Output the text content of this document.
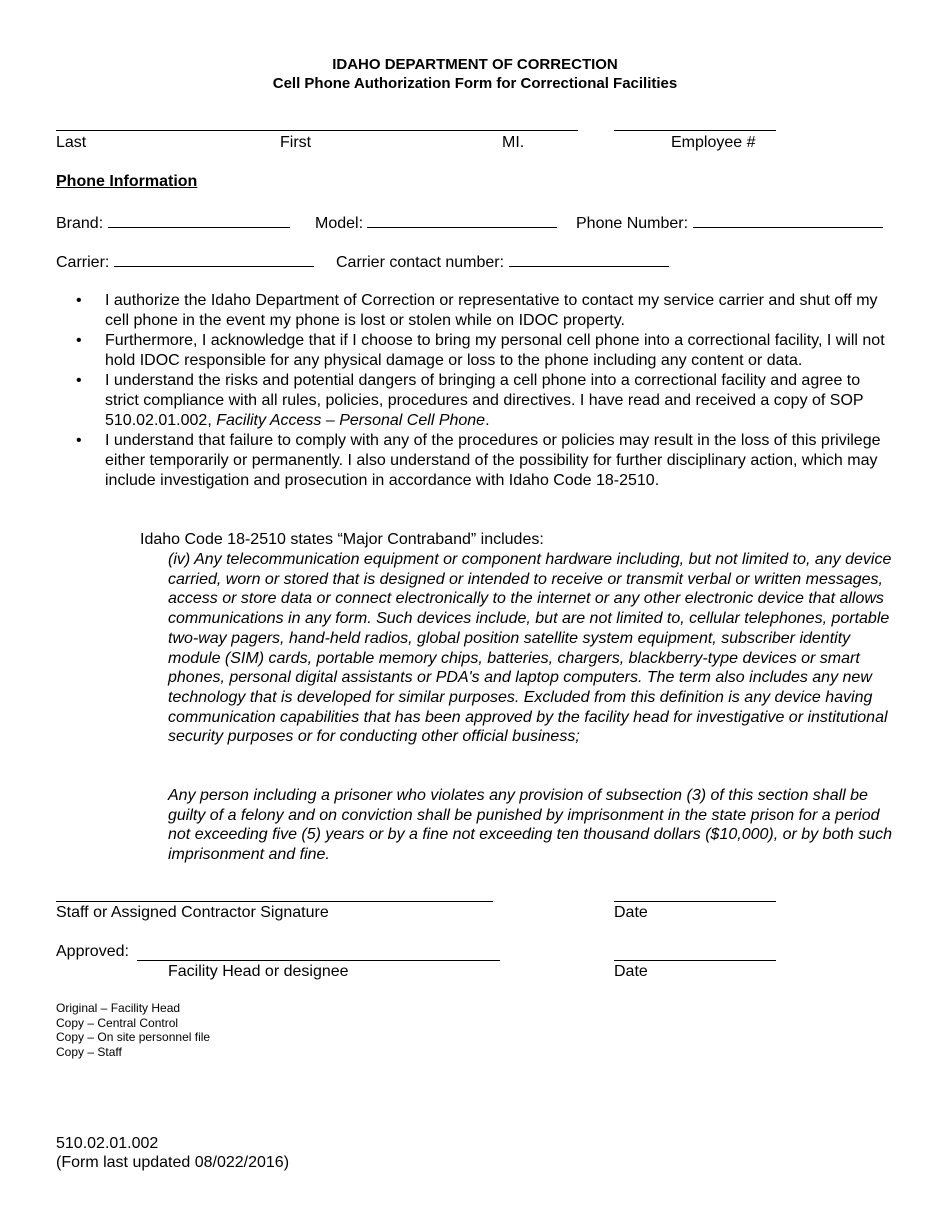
IDAHO DEPARTMENT OF CORRECTION
Cell Phone Authorization Form for Correctional Facilities
Last	First	MI.	Employee #
Phone Information
Brand:	Model:	Phone Number:
Carrier:	Carrier contact number:
• I authorize the Idaho Department of Correction or representative to contact my service carrier and shut off my cell phone in the event my phone is lost or stolen while on IDOC property.
• Furthermore, I acknowledge that if I choose to bring my personal cell phone into a correctional facility, I will not hold IDOC responsible for any physical damage or loss to the phone including any content or data.
• I understand the risks and potential dangers of bringing a cell phone into a correctional facility and agree to strict compliance with all rules, policies, procedures and directives. I have read and received a copy of SOP 510.02.01.002, Facility Access – Personal Cell Phone.
• I understand that failure to comply with any of the procedures or policies may result in the loss of this privilege either temporarily or permanently. I also understand of the possibility for further disciplinary action, which may include investigation and prosecution in accordance with Idaho Code 18-2510.
Idaho Code 18-2510 states “Major Contraband” includes:
(iv) Any telecommunication equipment or component hardware including, but not limited to, any device carried, worn or stored that is designed or intended to receive or transmit verbal or written messages, access or store data or connect electronically to the internet or any other electronic device that allows communications in any form. Such devices include, but are not limited to, cellular telephones, portable two-way pagers, hand-held radios, global position satellite system equipment, subscriber identity module (SIM) cards, portable memory chips, batteries, chargers, blackberry-type devices or smart phones, personal digital assistants or PDA's and laptop computers. The term also includes any new technology that is developed for similar purposes. Excluded from this definition is any device having communication capabilities that has been approved by the facility head for investigative or institutional security purposes or for conducting other official business;
Any person including a prisoner who violates any provision of subsection (3) of this section shall be guilty of a felony and on conviction shall be punished by imprisonment in the state prison for a period not exceeding five (5) years or by a fine not exceeding ten thousand dollars ($10,000), or by both such imprisonment and fine.
Staff or Assigned Contractor Signature	Date
Approved:
Facility Head or designee	Date
Original – Facility Head
Copy – Central Control
Copy – On site personnel file
Copy – Staff
510.02.01.002
(Form last updated 08/022/2016)
